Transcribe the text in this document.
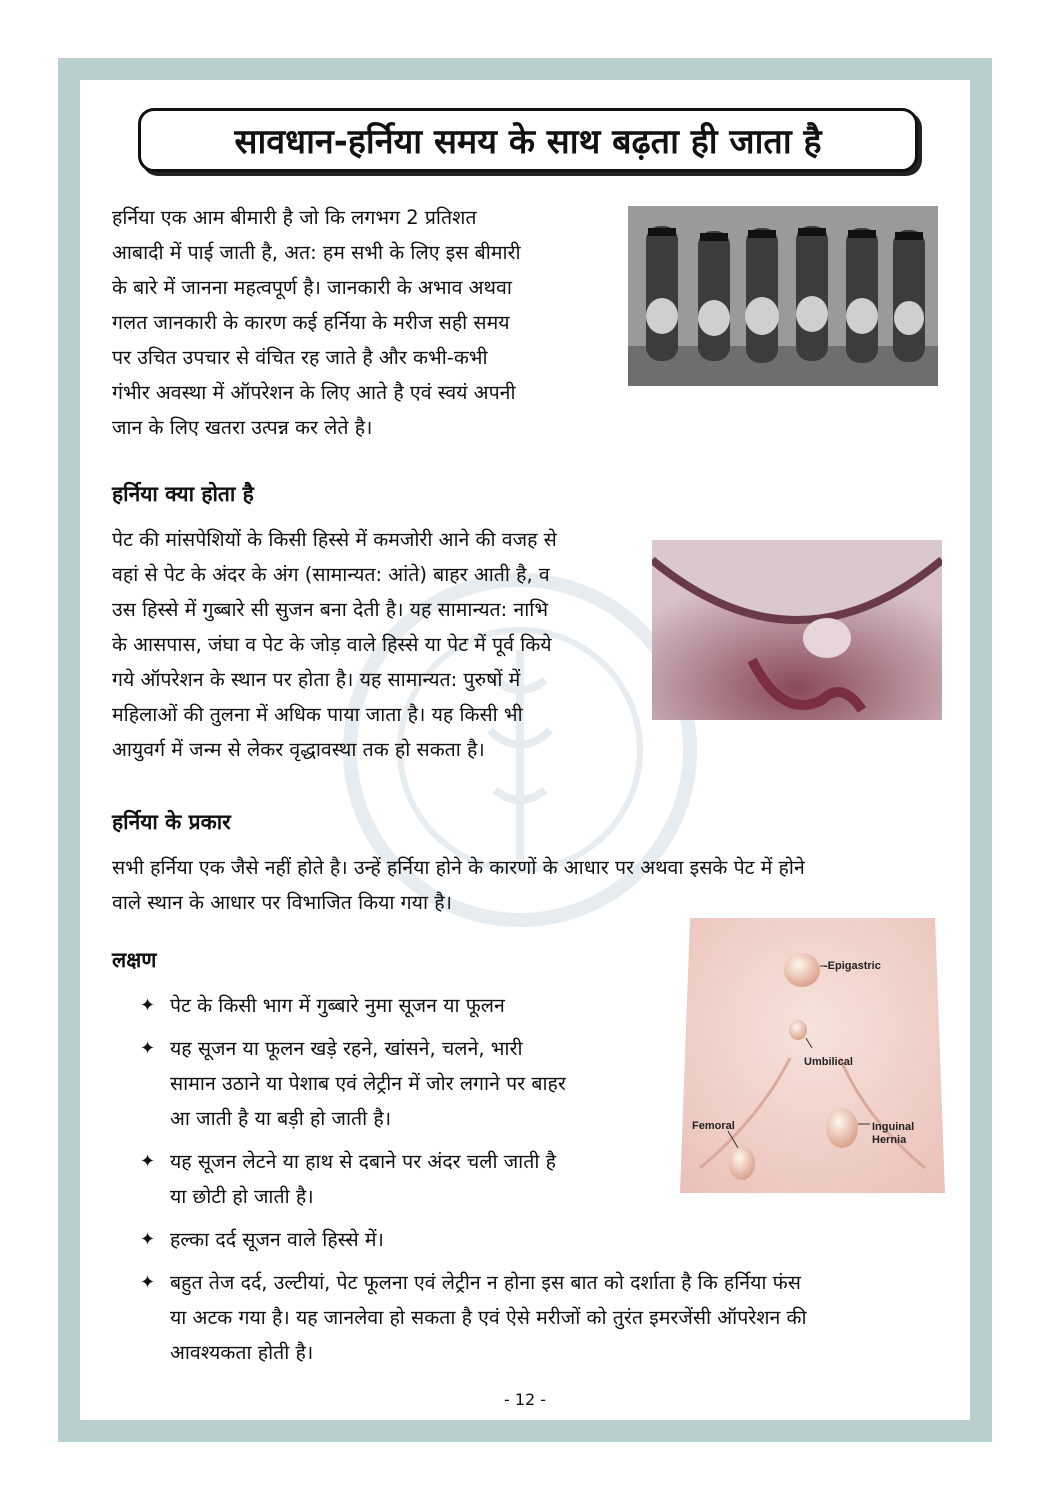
सावधान-हर्निया समय के साथ बढ़ता ही जाता है

हर्निया एक आम बीमारी है जो कि लगभग 2 प्रतिशत
आबादी में पाई जाती है, अत: हम सभी के लिए इस बीमारी
के बारे में जानना महत्वपूर्ण है। जानकारी के अभाव अथवा
गलत जानकारी के कारण कई हर्निया के मरीज सही समय
पर उचित उपचार से वंचित रह जाते है और कभी-कभी
गंभीर अवस्था में ऑपरेशन के लिए आते है एवं स्वयं अपनी
जान के लिए खतरा उत्पन्न कर लेते है।

हर्निया क्या होता है

पेट की मांसपेशियों के किसी हिस्से में कमजोरी आने की वजह से
वहां से पेट के अंदर के अंग (सामान्यत: आंते) बाहर आती है, व
उस हिस्से में गुब्बारे सी सुजन बना देती है। यह सामान्यत: नाभि
के आसपास, जंघा व पेट के जोड़ वाले हिस्से या पेट में पूर्व किये
गये ऑपरेशन के स्थान पर होता है। यह सामान्यत: पुरुषों में
महिलाओं की तुलना में अधिक पाया जाता है। यह किसी भी
आयुवर्ग में जन्म से लेकर वृद्धावस्था तक हो सकता है।

हर्निया के प्रकार

सभी हर्निया एक जैसे नहीं होते है। उन्हें हर्निया होने के कारणों के आधार पर अथवा इसके पेट में होने
वाले स्थान के आधार पर विभाजित किया गया है।

लक्षण
✦ पेट के किसी भाग में गुब्बारे नुमा सूजन या फूलन
✦ यह सूजन या फूलन खड़े रहने, खांसने, चलने, भारी
सामान उठाने या पेशाब एवं लेट्रीन में जोर लगाने पर बाहर
आ जाती है या बड़ी हो जाती है।
✦ यह सूजन लेटने या हाथ से दबाने पर अंदर चली जाती है
या छोटी हो जाती है।
✦ हल्का दर्द सूजन वाले हिस्से में।
✦ बहुत तेज दर्द, उल्टीयां, पेट फूलना एवं लेट्रीन न होना इस बात को दर्शाता है कि हर्निया फंस
या अटक गया है। यह जानलेवा हो सकता है एवं ऐसे मरीजों को तुरंत इमरजेंसी ऑपरेशन की
आवश्यकता होती है।
-Epigastric
Umbilical
Femoral	Inguinal
Hernia
- 12 -
